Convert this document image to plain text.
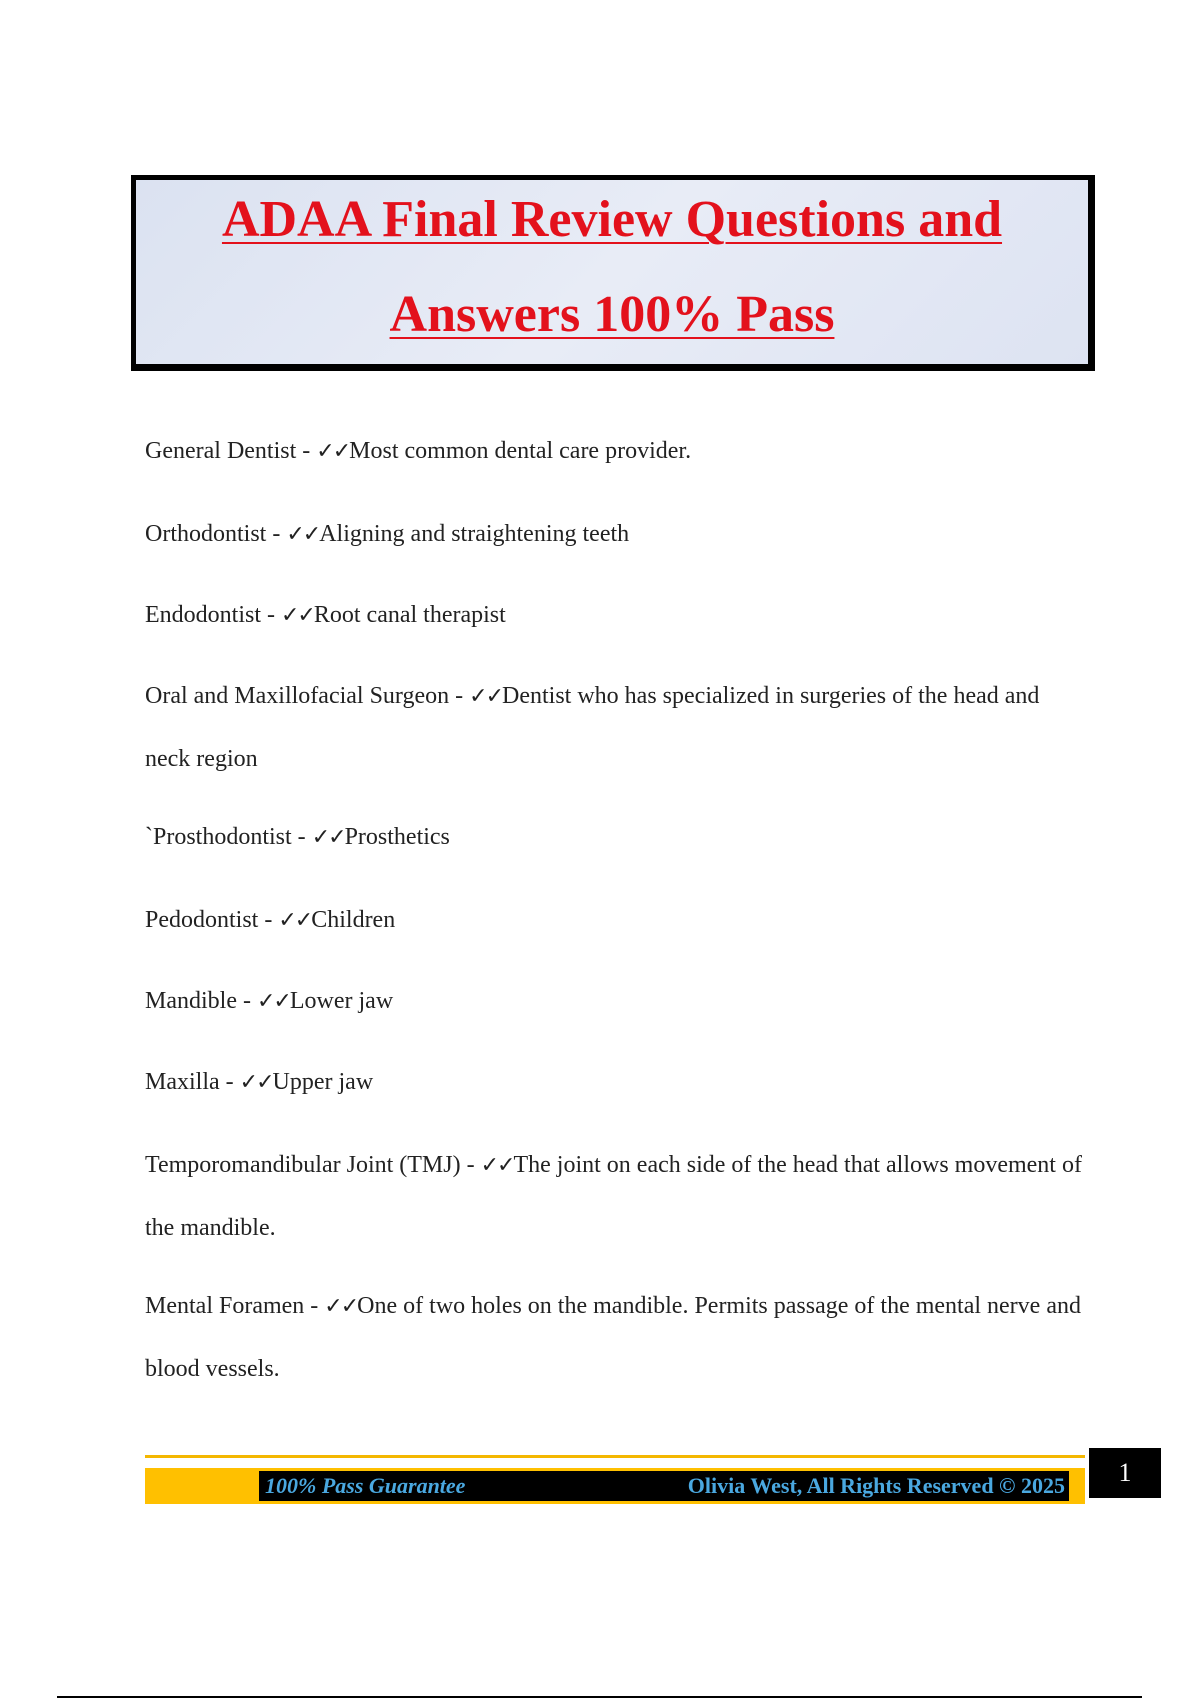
ADAA Final Review Questions and
Answers 100% Pass
General Dentist - ✓✓Most common dental care provider.
Orthodontist - ✓✓Aligning and straightening teeth
Endodontist - ✓✓Root canal therapist
Oral and Maxillofacial Surgeon - ✓✓Dentist who has specialized in surgeries of the head and neck region
`Prosthodontist - ✓✓Prosthetics
Pedodontist - ✓✓Children
Mandible - ✓✓Lower jaw
Maxilla - ✓✓Upper jaw
Temporomandibular Joint (TMJ) - ✓✓The joint on each side of the head that allows movement of the mandible.
Mental Foramen - ✓✓One of two holes on the mandible. Permits passage of the mental nerve and blood vessels.
100% Pass Guarantee	Olivia West, All Rights Reserved © 2025	1
